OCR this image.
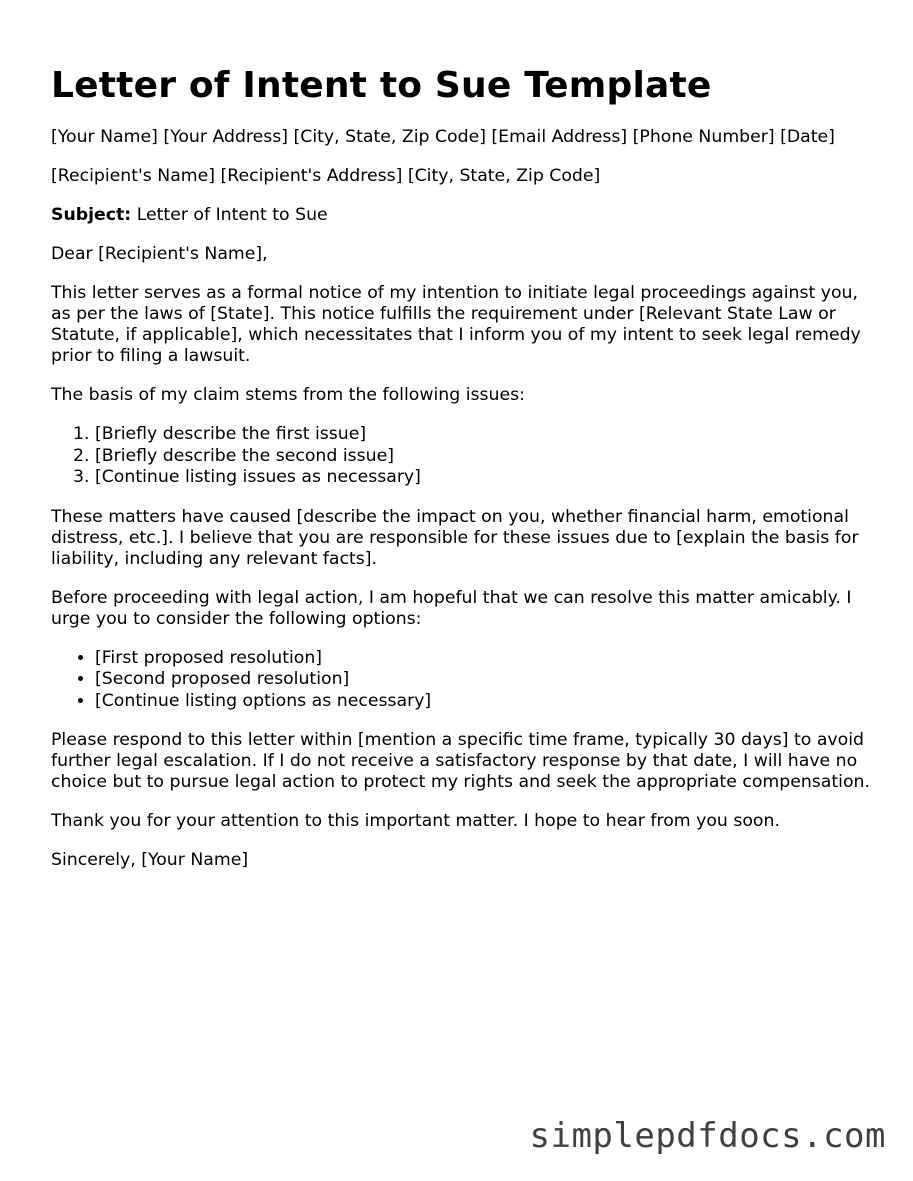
Letter of Intent to Sue Template

[Your Name] [Your Address] [City, State, Zip Code] [Email Address] [Phone Number] [Date]

[Recipient's Name] [Recipient's Address] [City, State, Zip Code]

Subject: Letter of Intent to Sue

Dear [Recipient's Name],

This letter serves as a formal notice of my intention to initiate legal proceedings against you, as per the laws of [State]. This notice fulfills the requirement under [Relevant State Law or Statute, if applicable], which necessitates that I inform you of my intent to seek legal remedy prior to filing a lawsuit.

The basis of my claim stems from the following issues:

1. [Briefly describe the first issue]
2. [Briefly describe the second issue]
3. [Continue listing issues as necessary]

These matters have caused [describe the impact on you, whether financial harm, emotional distress, etc.]. I believe that you are responsible for these issues due to [explain the basis for liability, including any relevant facts].

Before proceeding with legal action, I am hopeful that we can resolve this matter amicably. I urge you to consider the following options:

• [First proposed resolution]
• [Second proposed resolution]
• [Continue listing options as necessary]

Please respond to this letter within [mention a specific time frame, typically 30 days] to avoid further legal escalation. If I do not receive a satisfactory response by that date, I will have no choice but to pursue legal action to protect my rights and seek the appropriate compensation.

Thank you for your attention to this important matter. I hope to hear from you soon.

Sincerely, [Your Name]

simplepdfdocs.com
